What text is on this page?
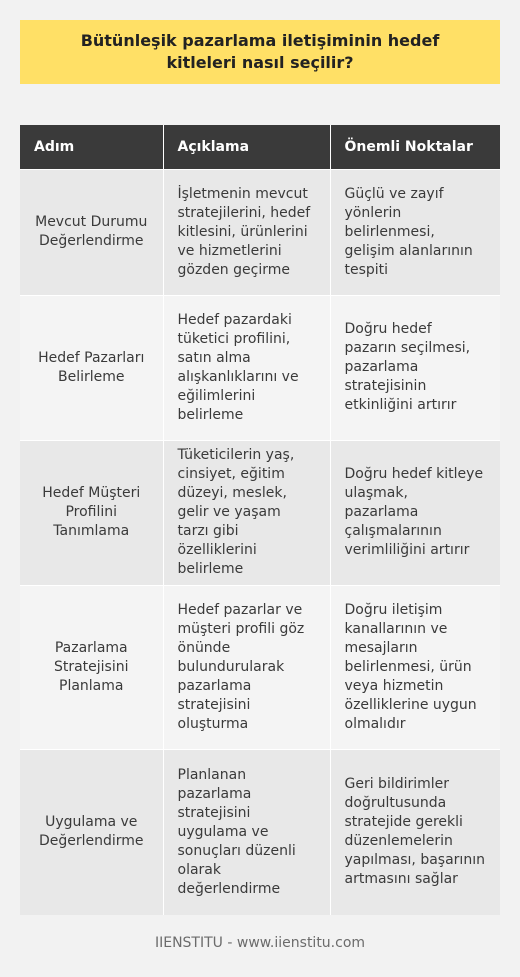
Bütünleşik pazarlama iletişiminin hedef kitleleri nasıl seçilir?
Adım	Açıklama	Önemli Noktalar
Mevcut Durumu Değerlendirme	İşletmenin mevcut stratejilerini, hedef kitlesini, ürünlerini ve hizmetlerini gözden geçirme	Güçlü ve zayıf yönlerin belirlenmesi, gelişim alanlarının tespiti
Hedef Pazarları Belirleme	Hedef pazardaki tüketici profilini, satın alma alışkanlıklarını ve eğilimlerini belirleme	Doğru hedef pazarın seçilmesi, pazarlama stratejisinin etkinliğini artırır
Hedef Müşteri Profilini Tanımlama	Tüketicilerin yaş, cinsiyet, eğitim düzeyi, meslek, gelir ve yaşam tarzı gibi özelliklerini belirleme	Doğru hedef kitleye ulaşmak, pazarlama çalışmalarının verimliliğini artırır
Pazarlama Stratejisini Planlama	Hedef pazarlar ve müşteri profili göz önünde bulundurularak pazarlama stratejisini oluşturma	Doğru iletişim kanallarının ve mesajların belirlenmesi, ürün veya hizmetin özelliklerine uygun olmalıdır
Uygulama ve Değerlendirme	Planlanan pazarlama stratejisini uygulama ve sonuçları düzenli olarak değerlendirme	Geri bildirimler doğrultusunda stratejide gerekli düzenlemelerin yapılması, başarının artmasını sağlar
IIENSTITU - www.iienstitu.com
